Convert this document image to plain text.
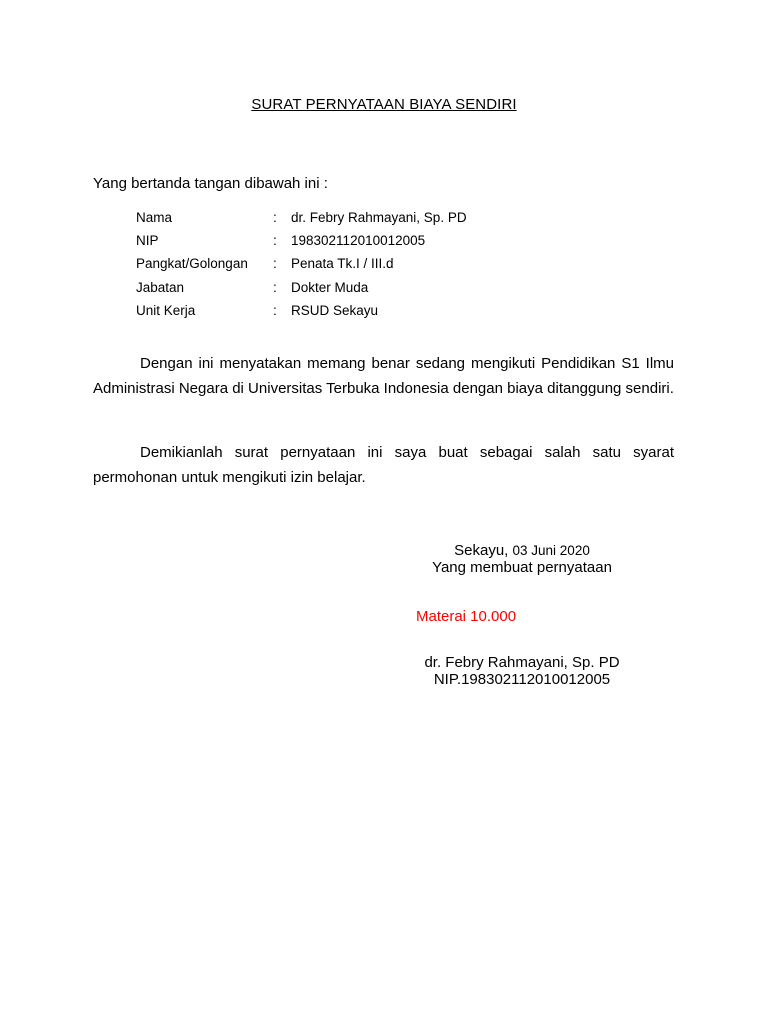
SURAT PERNYATAAN BIAYA SENDIRI
Yang bertanda tangan dibawah ini :
Nama	:	dr. Febry Rahmayani, Sp. PD
NIP	:	198302112010012005
Pangkat/Golongan	:	Penata Tk.I / III.d
Jabatan	:	Dokter Muda
Unit Kerja	:	RSUD Sekayu

Dengan ini menyatakan memang benar sedang mengikuti Pendidikan S1 Ilmu Administrasi Negara di Universitas Terbuka Indonesia dengan biaya ditanggung sendiri.

Demikianlah surat pernyataan ini saya buat sebagai salah satu syarat permohonan untuk mengikuti izin belajar.

Sekayu, 03 Juni 2020
Yang membuat pernyataan
Materai 10.000
dr. Febry Rahmayani, Sp. PD
NIP.198302112010012005
